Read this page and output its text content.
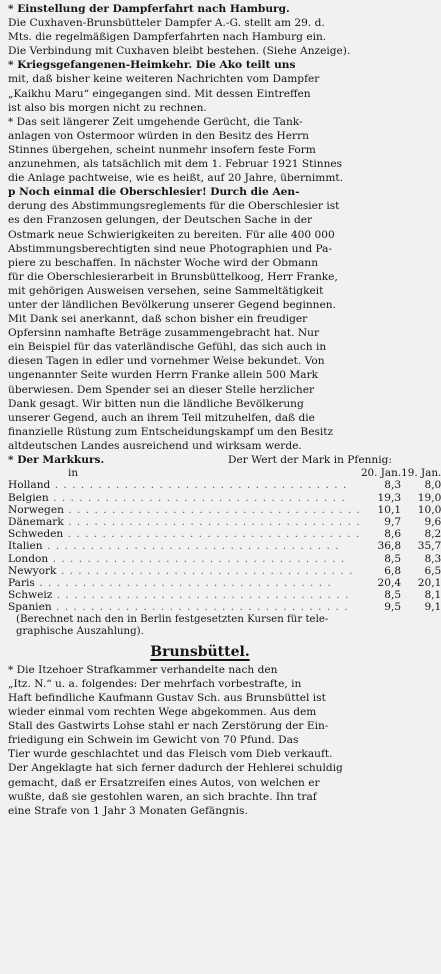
* Einstellung der Dampferfahrt nach Hamburg.
Die Cuxhaven-Brunsbütteler Dampfer A.-G. stellt am 29. d.
Mts. die regelmäßigen Dampferfahrten nach Hamburg ein.
Die Verbindung mit Cuxhaven bleibt bestehen. (Siehe Anzeige).
* Kriegsgefangenen-Heimkehr. Die Ako teilt uns
mit, daß bisher keine weiteren Nachrichten vom Dampfer
„Kaikhu Maru“ eingegangen sind. Mit dessen Eintreffen
ist also bis morgen nicht zu rechnen.
* Das seit längerer Zeit umgehende Gerücht, die Tank-
anlagen von Ostermoor würden in den Besitz des Herrn
Stinnes übergehen, scheint nunmehr insofern feste Form
anzunehmen, als tatsächlich mit dem 1. Februar 1921 Stinnes
die Anlage pachtweise, wie es heißt, auf 20 Jahre, übernimmt.
p Noch einmal die Oberschlesier! Durch die Aen-
derung des Abstimmungsreglements für die Oberschlesier ist
es den Franzosen gelungen, der Deutschen Sache in der
Ostmark neue Schwierigkeiten zu bereiten. Für alle 400 000
Abstimmungsberechtigten sind neue Photographien und Pa-
piere zu beschaffen. In nächster Woche wird der Obmann
für die Oberschlesierarbeit in Brunsbüttelkoog, Herr Franke,
mit gehörigen Ausweisen versehen, seine Sammeltätigkeit
unter der ländlichen Bevölkerung unserer Gegend beginnen.
Mit Dank sei anerkannt, daß schon bisher ein freudiger
Opfersinn namhafte Beträge zusammengebracht hat. Nur
ein Beispiel für das vaterländische Gefühl, das sich auch in
diesen Tagen in edler und vornehmer Weise bekundet. Von
ungenannter Seite wurden Herrn Franke allein 500 Mark
überwiesen. Dem Spender sei an dieser Stelle herzlicher
Dank gesagt. Wir bitten nun die ländliche Bevölkerung
unserer Gegend, auch an ihrem Teil mitzuhelfen, daß die
finanzielle Rüstung zum Entscheidungskampf um den Besitz
altdeutschen Landes ausreichend und wirksam werde.
* Der Markkurs.	Der Wert der Mark in Pfennig:
in	20. Jan.	19. Jan.
Holland . . . . . . . . . . . . . . . . . . . . . . . . . . . . . . . . . .	8,3	8,0
Belgien . . . . . . . . . . . . . . . . . . . . . . . . . . . . . . . . . .	19,3	19,0
Norwegen . . . . . . . . . . . . . . . . . . . . . . . . . . . . . . . . . .	10,1	10,0
Dänemark . . . . . . . . . . . . . . . . . . . . . . . . . . . . . . . . . .	9,7	9,6
Schweden . . . . . . . . . . . . . . . . . . . . . . . . . . . . . . . . . .	8,6	8,2
Italien . . . . . . . . . . . . . . . . . . . . . . . . . . . . . . . . . .	36,8	35,7
London . . . . . . . . . . . . . . . . . . . . . . . . . . . . . . . . . .	8,5	8,3
Newyork . . . . . . . . . . . . . . . . . . . . . . . . . . . . . . . . . .	6,8	6,5
Paris . . . . . . . . . . . . . . . . . . . . . . . . . . . . . . . . . .	20,4	20,1
Schweiz . . . . . . . . . . . . . . . . . . . . . . . . . . . . . . . . . .	8,5	8,1
Spanien . . . . . . . . . . . . . . . . . . . . . . . . . . . . . . . . . .	9,5	9,1
(Berechnet nach den in Berlin festgesetzten Kursen für tele-
graphische Auszahlung).
Brunsbüttel.
* Die Itzehoer Strafkammer verhandelte nach den
„Itz. N.“ u. a. folgendes: Der mehrfach vorbestrafte, in
Haft befindliche Kaufmann Gustav Sch. aus Brunsbüttel ist
wieder einmal vom rechten Wege abgekommen. Aus dem
Stall des Gastwirts Lohse stahl er nach Zerstörung der Ein-
friedigung ein Schwein im Gewicht von 70 Pfund. Das
Tier wurde geschlachtet und das Fleisch vom Dieb verkauft.
Der Angeklagte hat sich ferner dadurch der Hehlerei schuldig
gemacht, daß er Ersatzreifen eines Autos, von welchen er
wußte, daß sie gestohlen waren, an sich brachte. Ihn traf
eine Strafe von 1 Jahr 3 Monaten Gefängnis.
